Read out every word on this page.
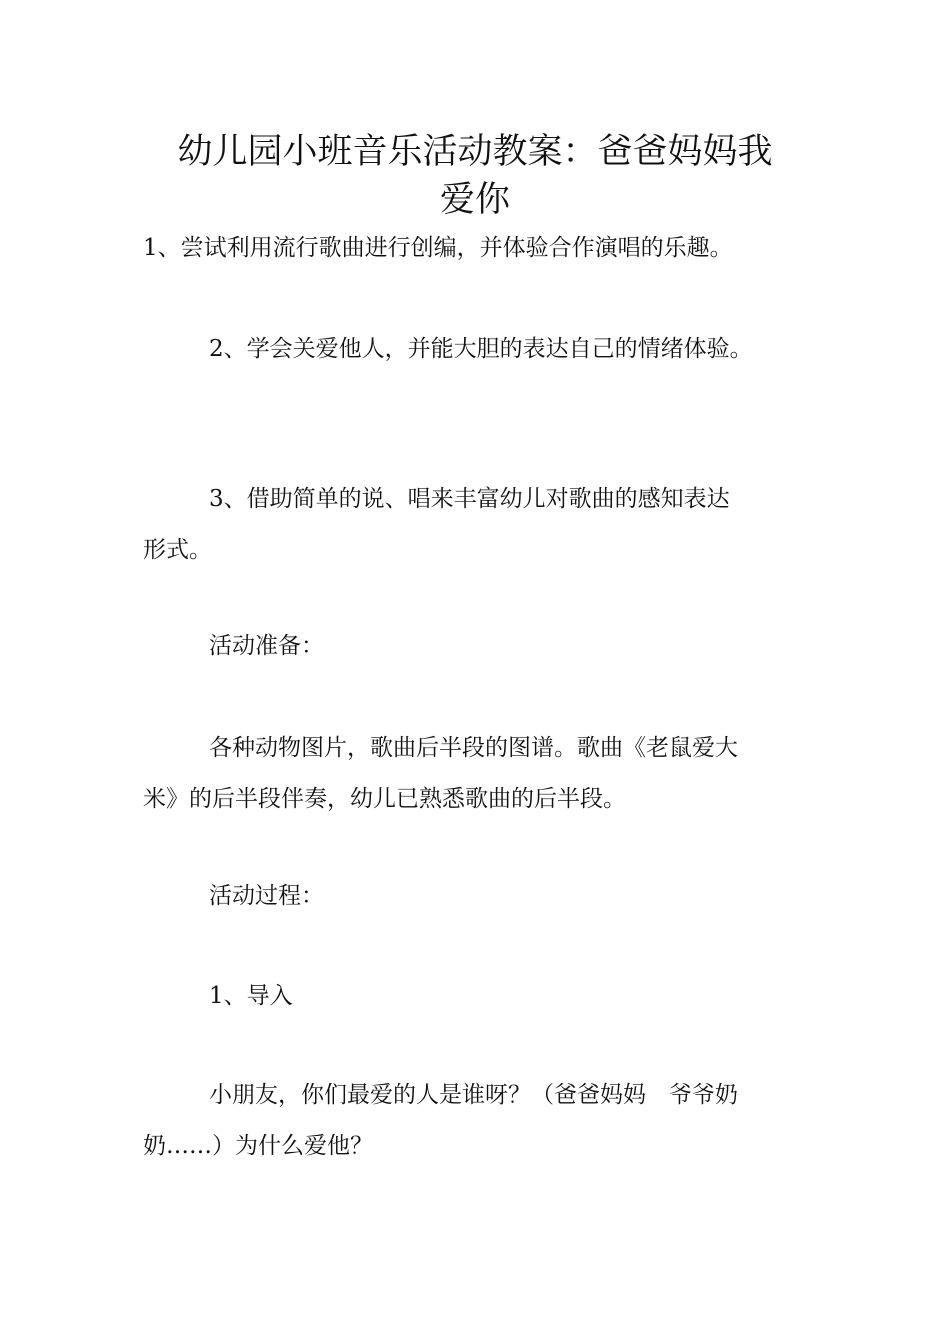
幼儿园小班音乐活动教案：爸爸妈妈我
爱你

1、尝试利用流行歌曲进行创编，并体验合作演唱的乐趣。

2、学会关爱他人，并能大胆的表达自己的情绪体验。

3、借助简单的说、唱来丰富幼儿对歌曲的感知表达

形式。

活动准备：

各种动物图片，歌曲后半段的图谱。歌曲《老鼠爱大

米》的后半段伴奏，幼儿已熟悉歌曲的后半段。

活动过程：

1、导入

小朋友，你们最爱的人是谁呀？（爸爸妈妈　爷爷奶

奶……）为什么爱他？
